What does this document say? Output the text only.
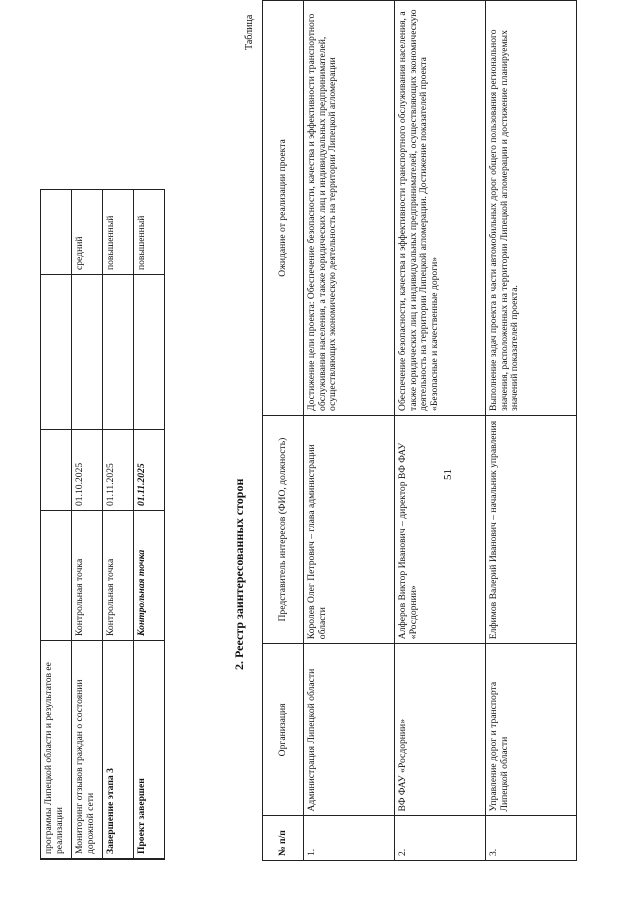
51
	программы Липецкой области и результатов ее реализации				
	Мониторинг отзывов граждан о состоянии дорожной сети	Контрольная точка	01.10.2025		средний
	Завершение этапа 3	Контрольная точка	01.11.2025		повышенный
	Проект завершен	Контрольная точка	01.11.2025		повышенный
2. Реестр заинтересованных сторон
Таблица
№ п/п	Организация	Представитель интересов (ФИО, должность)	Ожидание от реализации проекта
1.	Администрация Липецкой области	Королев Олег Петрович – глава администрации области	Достижение цели проекта: Обеспечение безопасности, качества и эффективности транспортного обслуживания населения, а также юридических лиц и индивидуальных предпринимателей, осуществляющих экономическую деятельность на территории Липецкой агломерации
2.	ВФ ФАУ «Росдорнии»	Алферов Виктор Иванович – директор ВФ ФАУ «Росдорнии»	Обеспечение безопасности, качества и эффективности транспортного обслуживания населения, а также юридических лиц и индивидуальных предпринимателей, осуществляющих экономическую деятельность на территории Липецкой агломерации. Достижение показателей проекта «Безопасные и качественные дороги»
3.	Управление дорог и транспорта Липецкой области	Елфимов Валерий Иванович – начальник управления	Выполнение задач проекта в части автомобильных дорог общего пользования регионального значения, расположенных на территории Липецкой агломерации и достижение планируемых значений показателей проекта.
